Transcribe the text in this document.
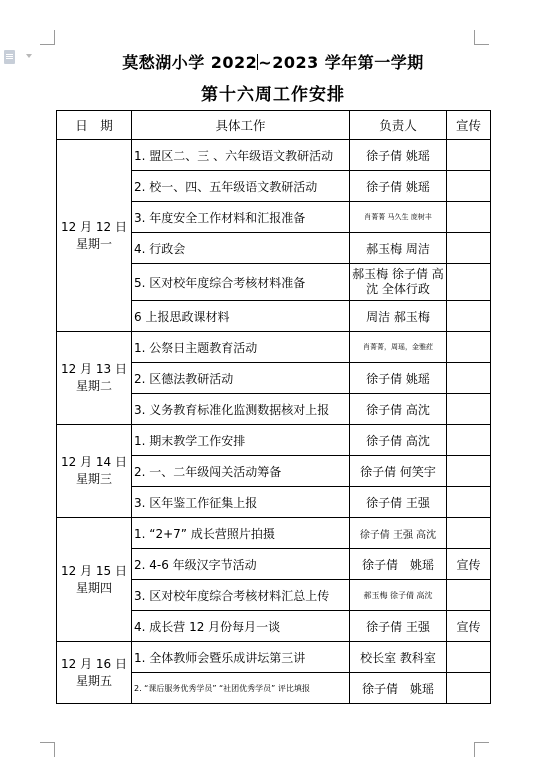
莫愁湖小学 2022~2023 学年第一学期
第十六周工作安排
日　期	具体工作	负责人	宣传

12 月 12 日
星期一	1. 盟区二、三 、六年级语文教研活动	徐子倩 姚瑶	
	2. 校一、四、五年级语文教研活动	徐子倩 姚瑶	
	3. 年度安全工作材料和汇报准备	肖菁菁 马久生 庞树丰	
	4. 行政会	郝玉梅 周洁	
	5. 区对校年度综合考核材料准备	郝玉梅 徐子倩 高沈 全体行政	
	6 上报思政课材料	周洁 郝玉梅	

12 月 13 日
星期二	1. 公祭日主题教育活动	肖菁菁，周瑶，金雅荭	
	2. 区德法教研活动	徐子倩 姚瑶	
	3. 义务教育标准化监测数据核对上报	徐子倩 高沈	

12 月 14 日
星期三	1. 期末教学工作安排	徐子倩 高沈	
	2. 一、二年级闯关活动筹备	徐子倩 何笑宇	
	3. 区年鉴工作征集上报	徐子倩 王强	

12 月 15 日
星期四	1. “2+7” 成长营照片拍摄	徐子倩 王强 高沈	
	2. 4-6 年级汉字节活动	徐子倩　姚瑶	宣传
	3. 区对校年度综合考核材料汇总上传	郝玉梅 徐子倩 高沈	
	4. 成长营 12 月份每月一谈	徐子倩 王强	宣传

12 月 16 日
星期五	1. 全体教师会暨乐成讲坛第三讲	校长室 教科室	
	2. “课后服务优秀学员” “社团优秀学员” 评比填报	徐子倩　姚瑶	
